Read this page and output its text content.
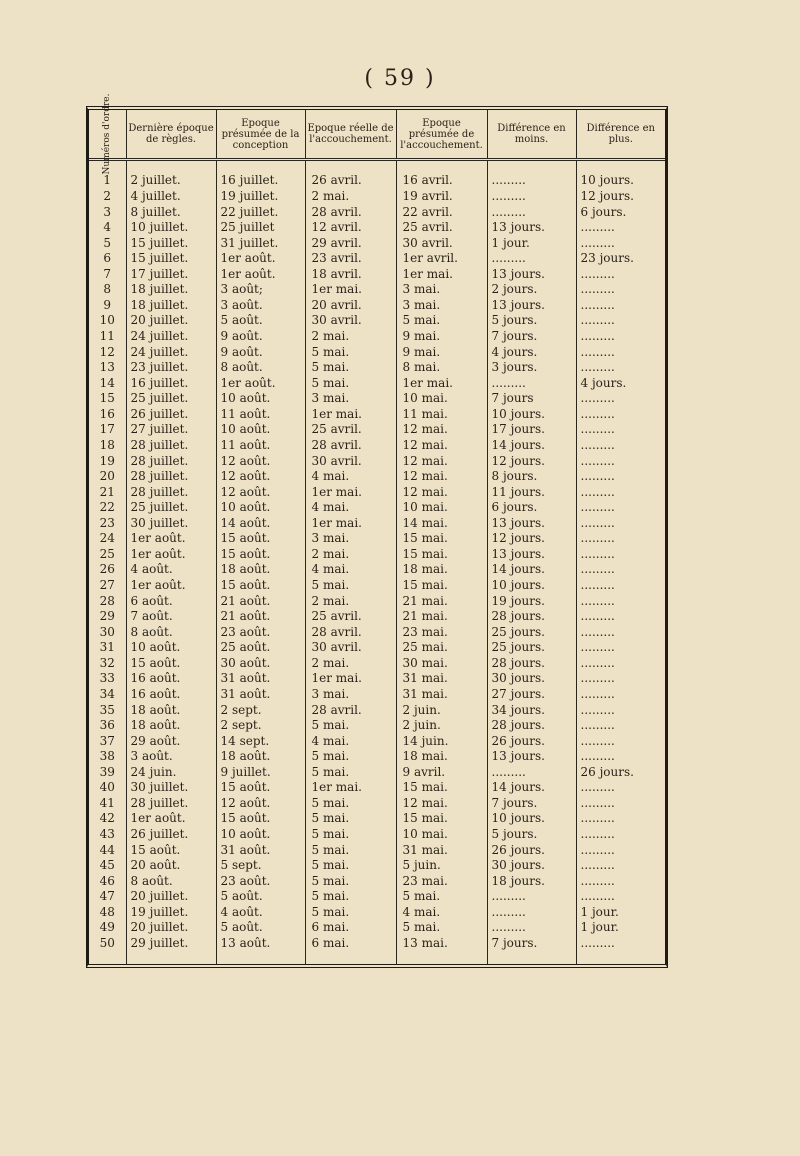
( 59 )
Numéros d'ordre.	Dernière époque de règles.	Epoque présumée de la conception	Epoque réelle de l'accouchement.	Epoque présumée de l'accouchement.	Différence en moins.	Différence en plus.
1	2 juillet.	16 juillet.	26 avril.	16 avril.	.........	10 jours.
2	4 juillet.	19 juillet.	2 mai.	19 avril.	.........	12 jours.
3	8 juillet.	22 juillet.	28 avril.	22 avril.	.........	6 jours.
4	10 juillet.	25 juillet	12 avril.	25 avril.	13 jours.	.........
5	15 juillet.	31 juillet.	29 avril.	30 avril.	1 jour.	.........
6	15 juillet.	1er août.	23 avril.	1er avril.	.........	23 jours.
7	17 juillet.	1er août.	18 avril.	1er mai.	13 jours.	.........
8	18 juillet.	3 août;	1er mai.	3 mai.	2 jours.	.........
9	18 juillet.	3 août.	20 avril.	3 mai.	13 jours.	.........
10	20 juillet.	5 août.	30 avril.	5 mai.	5 jours.	.........
11	24 juillet.	9 août.	2 mai.	9 mai.	7 jours.	.........
12	24 juillet.	9 août.	5 mai.	9 mai.	4 jours.	.........
13	23 juillet.	8 août.	5 mai.	8 mai.	3 jours.	.........
14	16 juillet.	1er août.	5 mai.	1er mai.	.........	4 jours.
15	25 juillet.	10 août.	3 mai.	10 mai.	7 jours	.........
16	26 juillet.	11 août.	1er mai.	11 mai.	10 jours.	.........
17	27 juillet.	10 août.	25 avril.	12 mai.	17 jours.	.........
18	28 juillet.	11 août.	28 avril.	12 mai.	14 jours.	.........
19	28 juillet.	12 août.	30 avril.	12 mai.	12 jours.	.........
20	28 juillet.	12 août.	4 mai.	12 mai.	8 jours.	.........
21	28 juillet.	12 août.	1er mai.	12 mai.	11 jours.	.........
22	25 juillet.	10 août.	4 mai.	10 mai.	6 jours.	.........
23	30 juillet.	14 août.	1er mai.	14 mai.	13 jours.	.........
24	1er août.	15 août.	3 mai.	15 mai.	12 jours.	.........
25	1er août.	15 août.	2 mai.	15 mai.	13 jours.	.........
26	4 août.	18 août.	4 mai.	18 mai.	14 jours.	.........
27	1er août.	15 août.	5 mai.	15 mai.	10 jours.	.........
28	6 août.	21 août.	2 mai.	21 mai.	19 jours.	.........
29	7 août.	21 août.	25 avril.	21 mai.	28 jours.	.........
30	8 août.	23 août.	28 avril.	23 mai.	25 jours.	.........
31	10 août.	25 août.	30 avril.	25 mai.	25 jours.	.........
32	15 août.	30 août.	2 mai.	30 mai.	28 jours.	.........
33	16 août.	31 août.	1er mai.	31 mai.	30 jours.	.........
34	16 août.	31 août.	3 mai.	31 mai.	27 jours.	.........
35	18 août.	2 sept.	28 avril.	2 juin.	34 jours.	.........
36	18 août.	2 sept.	5 mai.	2 juin.	28 jours.	.........
37	29 août.	14 sept.	4 mai.	14 juin.	26 jours.	.........
38	3 août.	18 août.	5 mai.	18 mai.	13 jours.	.........
39	24 juin.	9 juillet.	5 mai.	9 avril.	.........	26 jours.
40	30 juillet.	15 août.	1er mai.	15 mai.	14 jours.	.........
41	28 juillet.	12 août.	5 mai.	12 mai.	7 jours.	.........
42	1er août.	15 août.	5 mai.	15 mai.	10 jours.	.........
43	26 juillet.	10 août.	5 mai.	10 mai.	5 jours.	.........
44	15 août.	31 août.	5 mai.	31 mai.	26 jours.	.........
45	20 août.	5 sept.	5 mai.	5 juin.	30 jours.	.........
46	8 août.	23 août.	5 mai.	23 mai.	18 jours.	.........
47	20 juillet.	5 août.	5 mai.	5 mai.	.........	.........
48	19 juillet.	4 août.	5 mai.	4 mai.	.........	1 jour.
49	20 juillet.	5 août.	6 mai.	5 mai.	.........	1 jour.
50	29 juillet.	13 août.	6 mai.	13 mai.	7 jours.	.........
